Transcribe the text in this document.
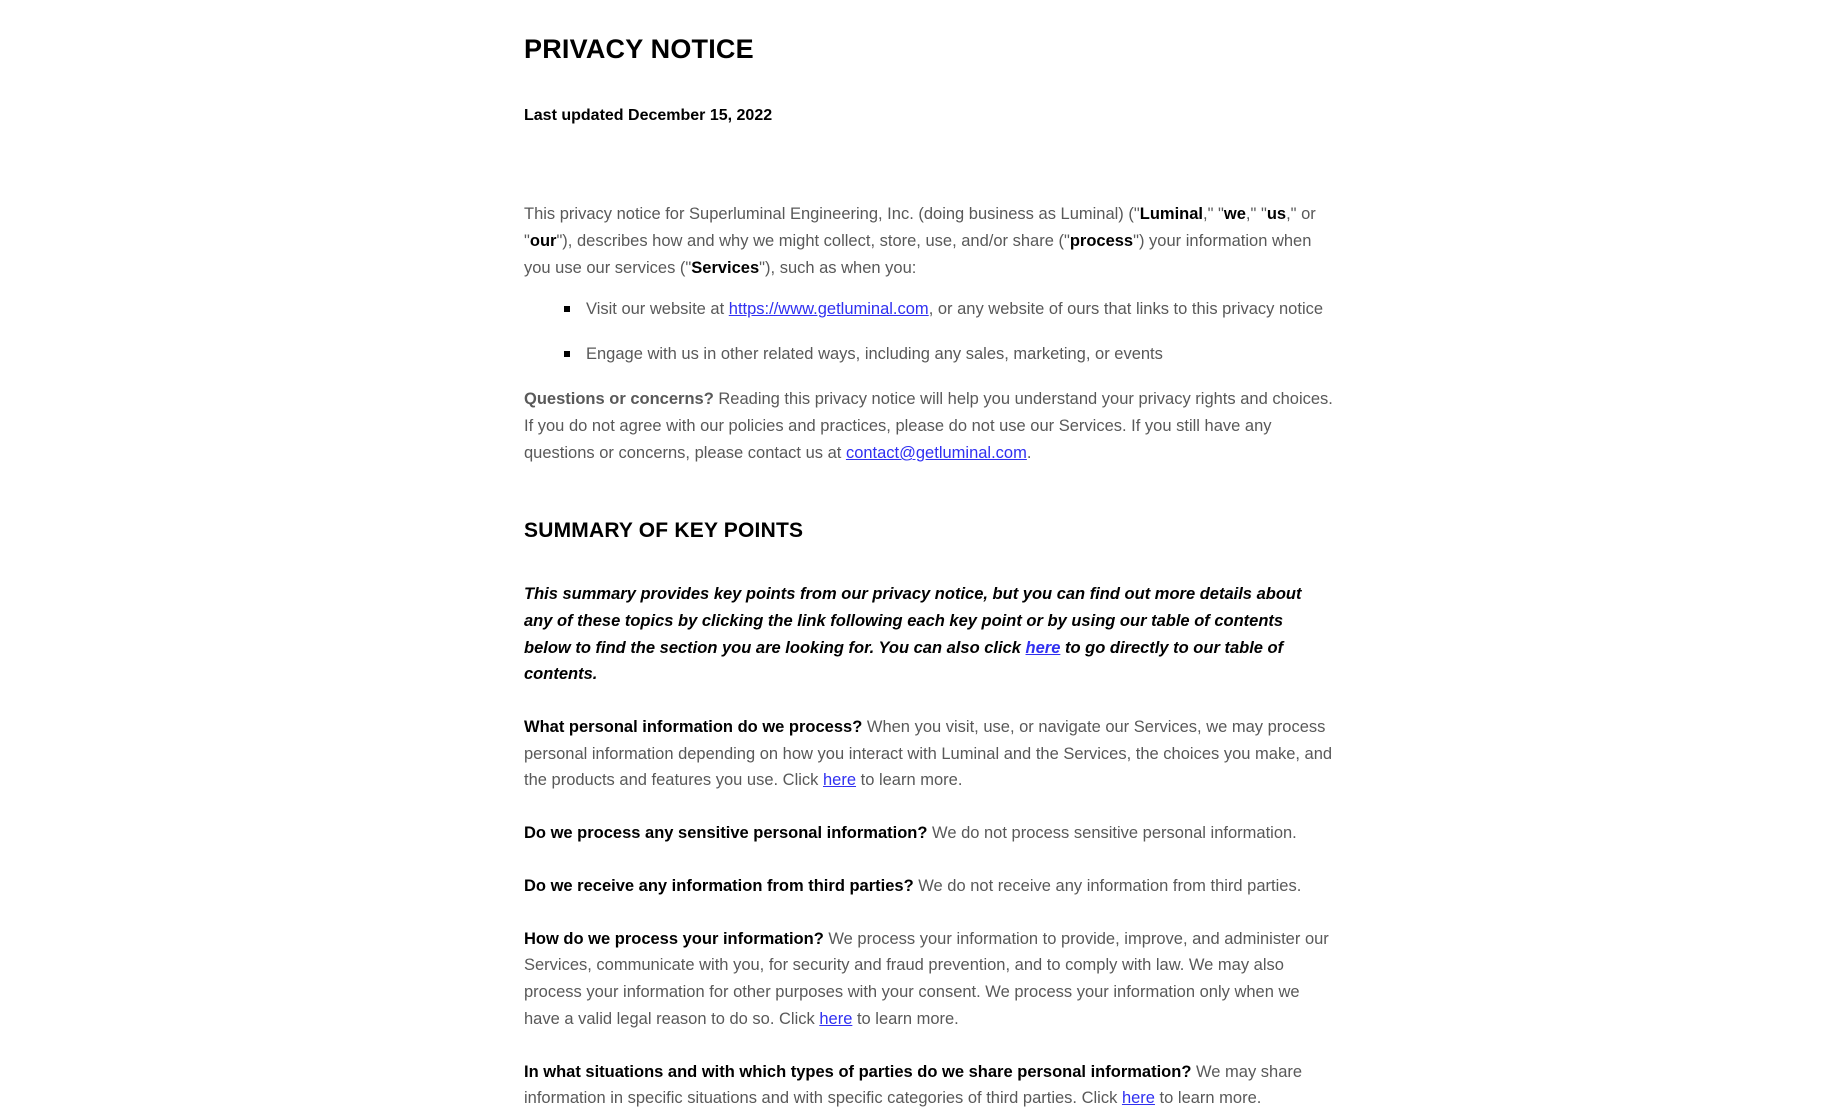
PRIVACY NOTICE
Last updated December 15, 2022

This privacy notice for Superluminal Engineering, Inc. (doing business as Luminal) ("Luminal," "we," "us," or "our"), describes how and why we might collect, store, use, and/or share ("process") your information when you use our services ("Services"), such as when you:

Visit our website at https://www.getluminal.com, or any website of ours that links to this privacy notice
Engage with us in other related ways, including any sales, marketing, or events

Questions or concerns? Reading this privacy notice will help you understand your privacy rights and choices. If you do not agree with our policies and practices, please do not use our Services. If you still have any questions or concerns, please contact us at contact@getluminal.com.

SUMMARY OF KEY POINTS

This summary provides key points from our privacy notice, but you can find out more details about any of these topics by clicking the link following each key point or by using our table of contents below to find the section you are looking for. You can also click here to go directly to our table of contents.

What personal information do we process? When you visit, use, or navigate our Services, we may process personal information depending on how you interact with Luminal and the Services, the choices you make, and the products and features you use. Click here to learn more.

Do we process any sensitive personal information? We do not process sensitive personal information.

Do we receive any information from third parties? We do not receive any information from third parties.

How do we process your information? We process your information to provide, improve, and administer our Services, communicate with you, for security and fraud prevention, and to comply with law. We may also process your information for other purposes with your consent. We process your information only when we have a valid legal reason to do so. Click here to learn more.

In what situations and with which types of parties do we share personal information? We may share information in specific situations and with specific categories of third parties. Click here to learn more.
